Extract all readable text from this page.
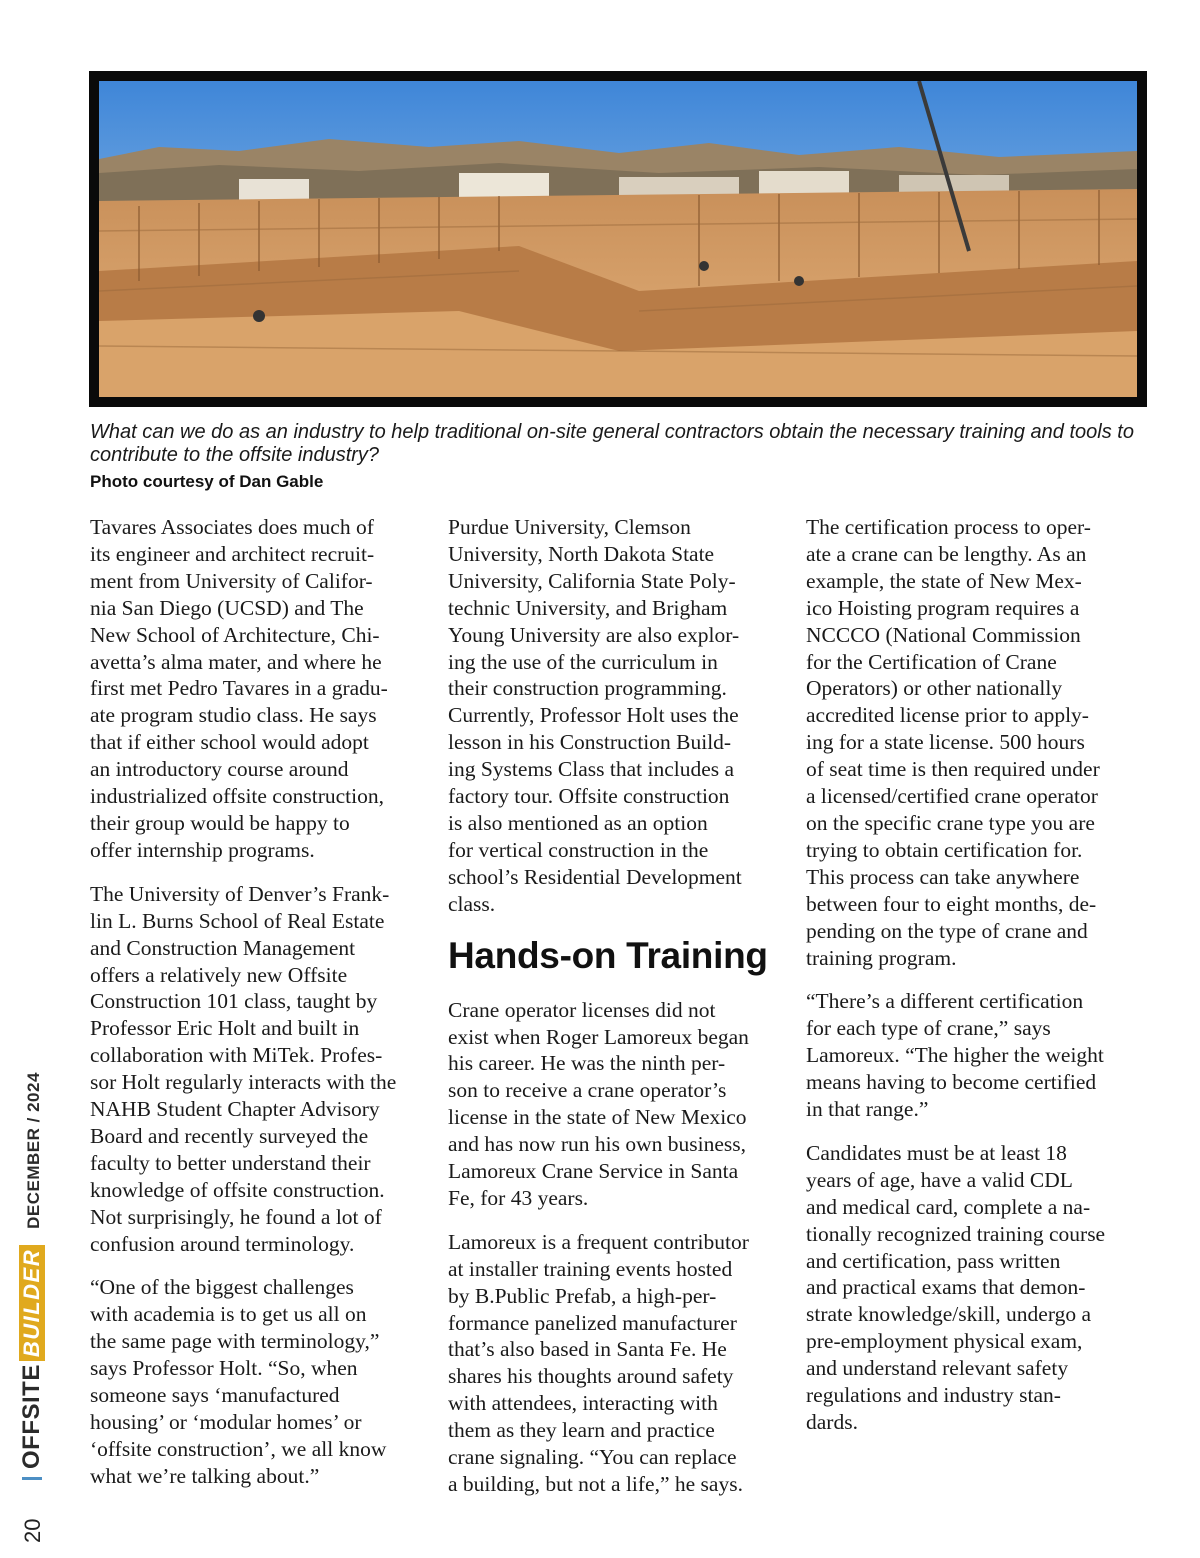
What can we do as an industry to help traditional on-site general contractors obtain the necessary training and tools to contribute to the offsite industry?

Photo courtesy of Dan Gable

Tavares Associates does much of
its engineer and architect recruit-
ment from University of Califor-
nia San Diego (UCSD) and The
New School of Architecture, Chi-
avetta’s alma mater, and where he
first met Pedro Tavares in a gradu-
ate program studio class. He says
that if either school would adopt
an introductory course around
industrialized offsite construction,
their group would be happy to
offer internship programs.

The University of Denver’s Frank-
lin L. Burns School of Real Estate
and Construction Management
offers a relatively new Offsite
Construction 101 class, taught by
Professor Eric Holt and built in
collaboration with MiTek. Profes-
sor Holt regularly interacts with the
NAHB Student Chapter Advisory
Board and recently surveyed the
faculty to better understand their
knowledge of offsite construction.
Not surprisingly, he found a lot of
confusion around terminology.

“One of the biggest challenges
with academia is to get us all on
the same page with terminology,”
says Professor Holt. “So, when
someone says ‘manufactured
housing’ or ‘modular homes’ or
‘offsite construction’, we all know
what we’re talking about.”

Purdue University, Clemson
University, North Dakota State
University, California State Poly-
technic University, and Brigham
Young University are also explor-
ing the use of the curriculum in
their construction programming.
Currently, Professor Holt uses the
lesson in his Construction Build-
ing Systems Class that includes a
factory tour. Offsite construction
is also mentioned as an option
for vertical construction in the
school’s Residential Development
class.

Hands-on Training

Crane operator licenses did not
exist when Roger Lamoreux began
his career. He was the ninth per-
son to receive a crane operator’s
license in the state of New Mexico
and has now run his own business,
Lamoreux Crane Service in Santa
Fe, for 43 years.

Lamoreux is a frequent contributor
at installer training events hosted
by B.Public Prefab, a high-per-
formance panelized manufacturer
that’s also based in Santa Fe. He
shares his thoughts around safety
with attendees, interacting with
them as they learn and practice
crane signaling. “You can replace
a building, but not a life,” he says.

The certification process to oper-
ate a crane can be lengthy. As an
example, the state of New Mex-
ico Hoisting program requires a
NCCCO (National Commission
for the Certification of Crane
Operators) or other nationally
accredited license prior to apply-
ing for a state license. 500 hours
of seat time is then required under
a licensed/certified crane operator
on the specific crane type you are
trying to obtain certification for.
This process can take anywhere
between four to eight months, de-
pending on the type of crane and
training program.

“There’s a different certification
for each type of crane,” says
Lamoreux. “The higher the weight
means having to become certified
in that range.”

Candidates must be at least 18
years of age, have a valid CDL
and medical card, complete a na-
tionally recognized training course
and certification, pass written
and practical exams that demon-
strate knowledge/skill, undergo a
pre-employment physical exam,
and understand relevant safety
regulations and industry stan-
dards.

OFFSITE
BUILDER
DECEMBER / 2024
20
